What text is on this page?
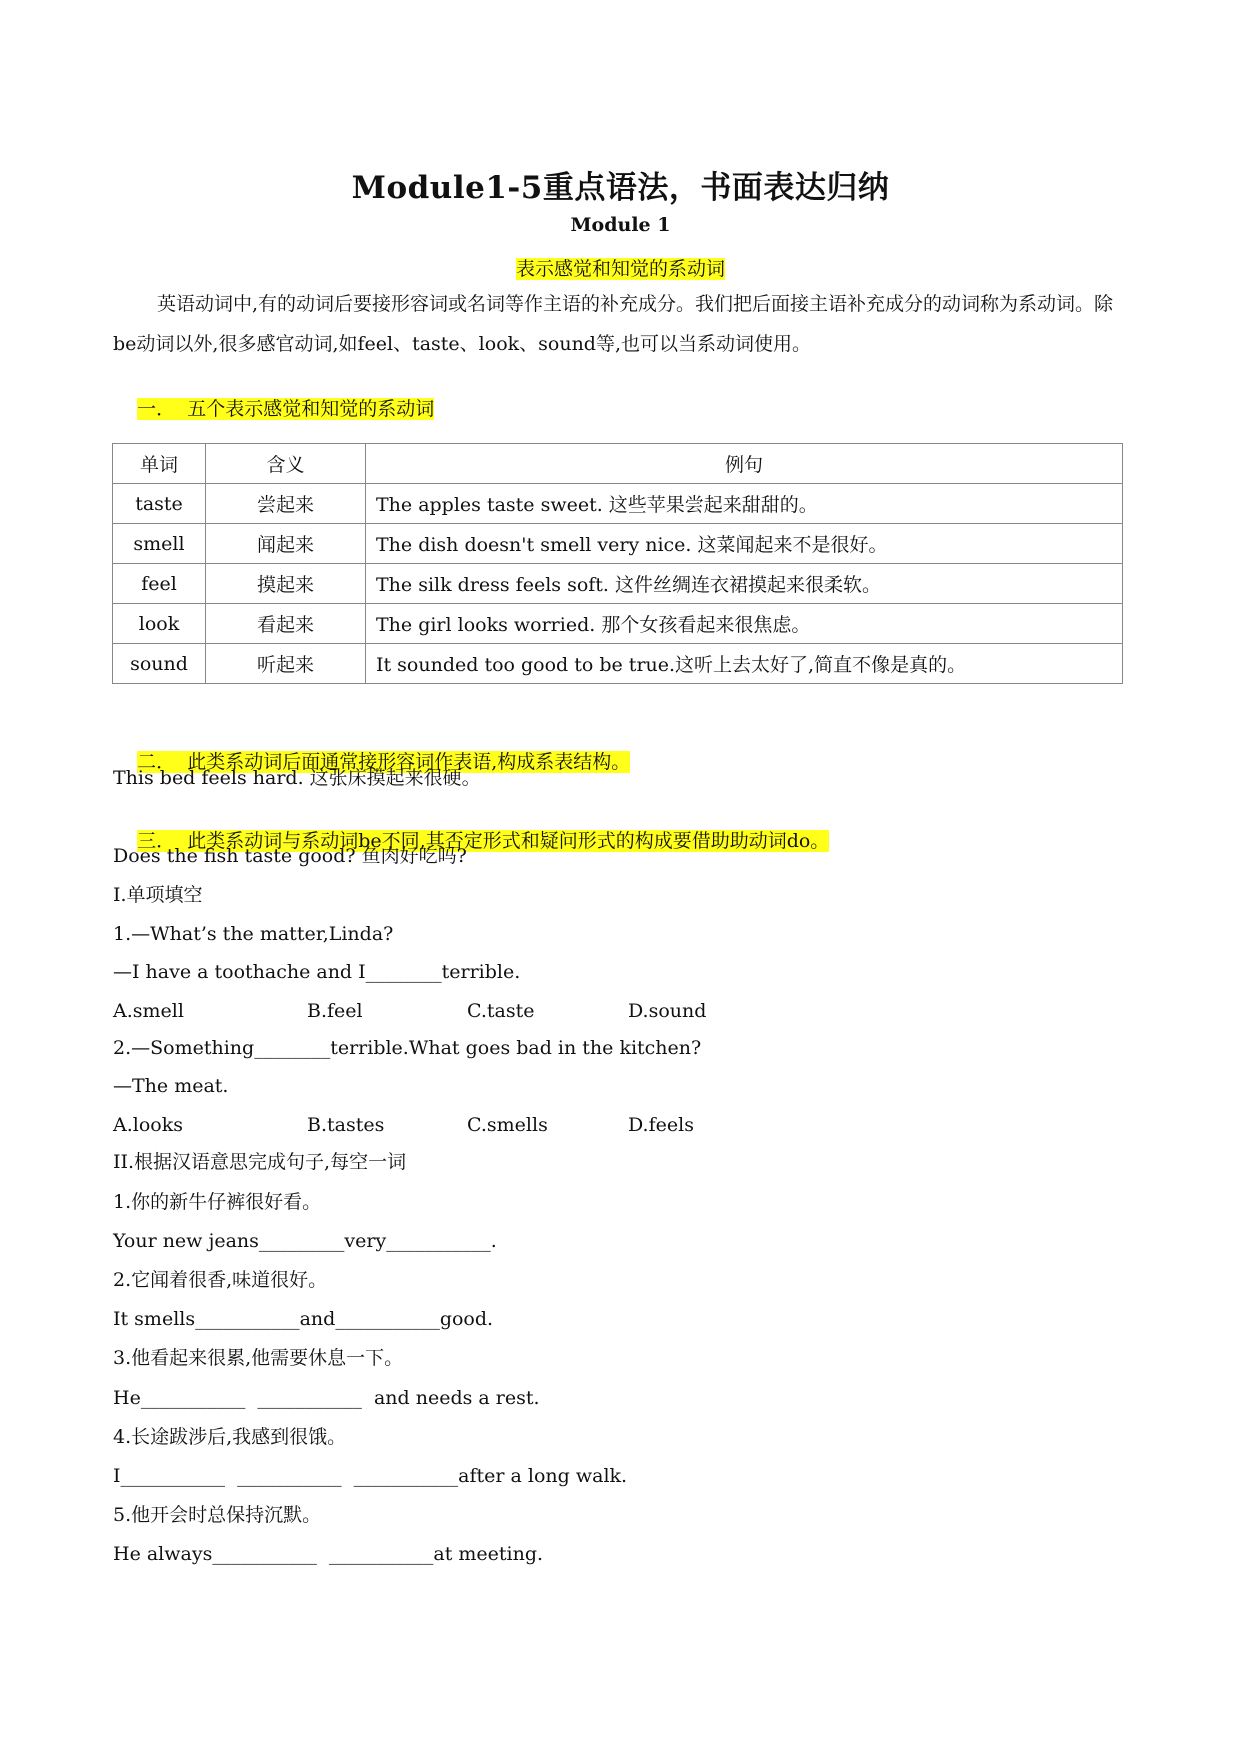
Module1-5重点语法，书面表达归纳
Module 1
表示感觉和知觉的系动词
英语动词中,有的动词后要接形容词或名词等作主语的补充成分。我们把后面接主语补充成分的动词称为系动词。除be动词以外,很多感官动词,如feel、taste、look、sound等,也可以当系动词使用。

一．  五个表示感觉和知觉的系动词

单词	含义	例句
taste	尝起来	The apples taste sweet. 这些苹果尝起来甜甜的。
smell	闻起来	The dish doesn't smell very nice. 这菜闻起来不是很好。
feel	摸起来	The silk dress feels soft. 这件丝绸连衣裙摸起来很柔软。
look	看起来	The girl looks worried. 那个女孩看起来很焦虑。
sound	听起来	It sounded too good to be true.这听上去太好了,简直不像是真的。

二．  此类系动词后面通常接形容词作表语,构成系表结构。

This bed feels hard. 这张床摸起来很硬。

三．  此类系动词与系动词be不同,其否定形式和疑问形式的构成要借助助动词do。

Does the fish taste good? 鱼肉好吃吗?
I.单项填空
1.—What’s the matter,Linda?
—I have a toothache and I________terrible.
A.smell	B.feel	C.taste	D.sound
2.—Something________terrible.What goes bad in the kitchen?
—The meat.
A.looks	B.tastes	C.smells	D.feels
II.根据汉语意思完成句子,每空一词
1.你的新牛仔裤很好看。
Your new jeans_________very___________.
2.它闻着很香,味道很好。
It smells___________and___________good.
3.他看起来很累,他需要休息一下。
He___________  ___________  and needs a rest.
4.长途跋涉后,我感到很饿。
I___________  ___________  ___________after a long walk.
5.他开会时总保持沉默。
He always___________  ___________at meeting.
